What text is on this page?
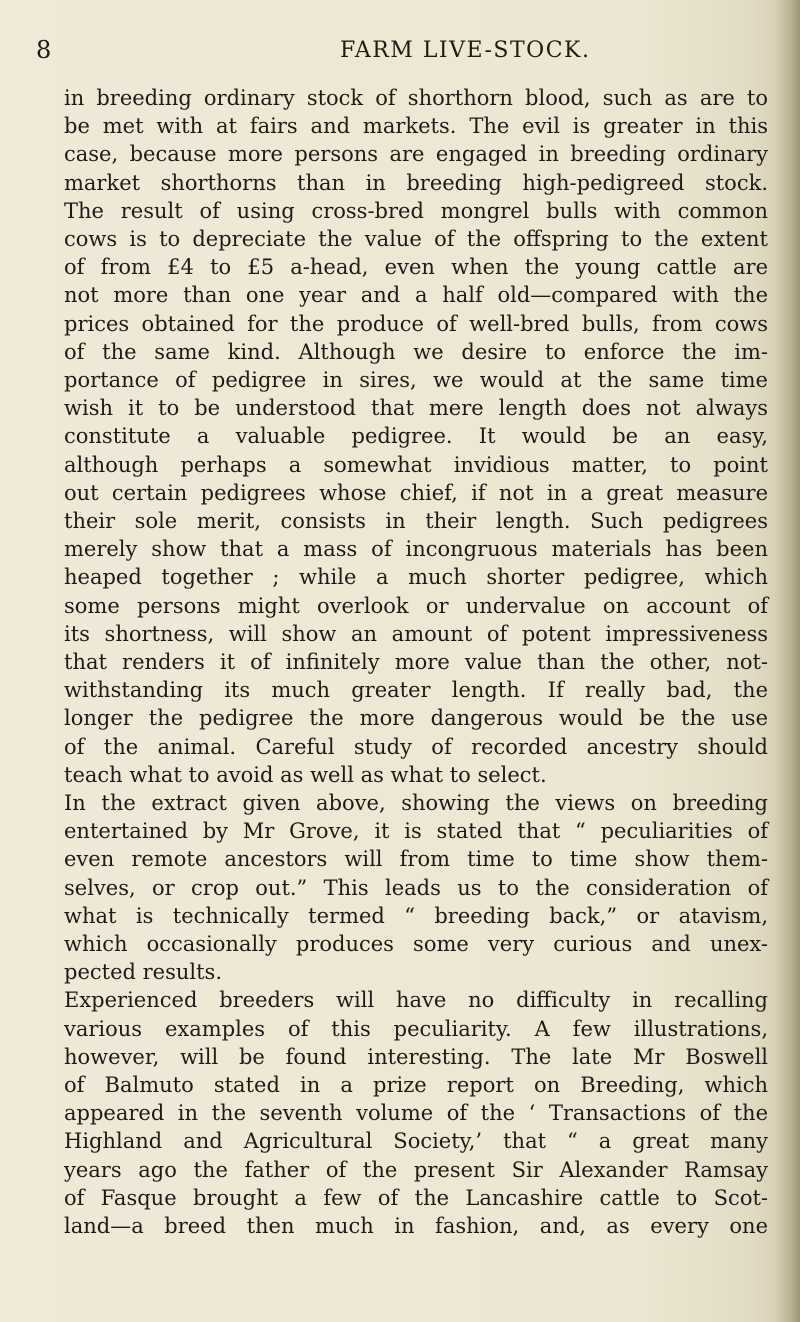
8	FARM LIVE-STOCK.
in breeding ordinary stock of shorthorn blood, such as are to
be met with at fairs and markets. The evil is greater in this
case, because more persons are engaged in breeding ordinary
market shorthorns than in breeding high-pedigreed stock.
The result of using cross-bred mongrel bulls with common
cows is to depreciate the value of the offspring to the extent
of from £4 to £5 a-head, even when the young cattle are
not more than one year and a half old—compared with the
prices obtained for the produce of well-bred bulls, from cows
of the same kind. Although we desire to enforce the im-
portance of pedigree in sires, we would at the same time
wish it to be understood that mere length does not always
constitute a valuable pedigree. It would be an easy,
although perhaps a somewhat invidious matter, to point
out certain pedigrees whose chief, if not in a great measure
their sole merit, consists in their length. Such pedigrees
merely show that a mass of incongruous materials has been
heaped together ; while a much shorter pedigree, which
some persons might overlook or undervalue on account of
its shortness, will show an amount of potent impressiveness
that renders it of infinitely more value than the other, not-
withstanding its much greater length. If really bad, the
longer the pedigree the more dangerous would be the use
of the animal. Careful study of recorded ancestry should
teach what to avoid as well as what to select.
In the extract given above, showing the views on breeding
entertained by Mr Grove, it is stated that “ peculiarities of
even remote ancestors will from time to time show them-
selves, or crop out.” This leads us to the consideration of
what is technically termed “ breeding back,” or atavism,
which occasionally produces some very curious and unex-
pected results.
Experienced breeders will have no difficulty in recalling
various examples of this peculiarity. A few illustrations,
however, will be found interesting. The late Mr Boswell
of Balmuto stated in a prize report on Breeding, which
appeared in the seventh volume of the ‘ Transactions of the
Highland and Agricultural Society,’ that “ a great many
years ago the father of the present Sir Alexander Ramsay
of Fasque brought a few of the Lancashire cattle to Scot-
land—a breed then much in fashion, and, as every one
